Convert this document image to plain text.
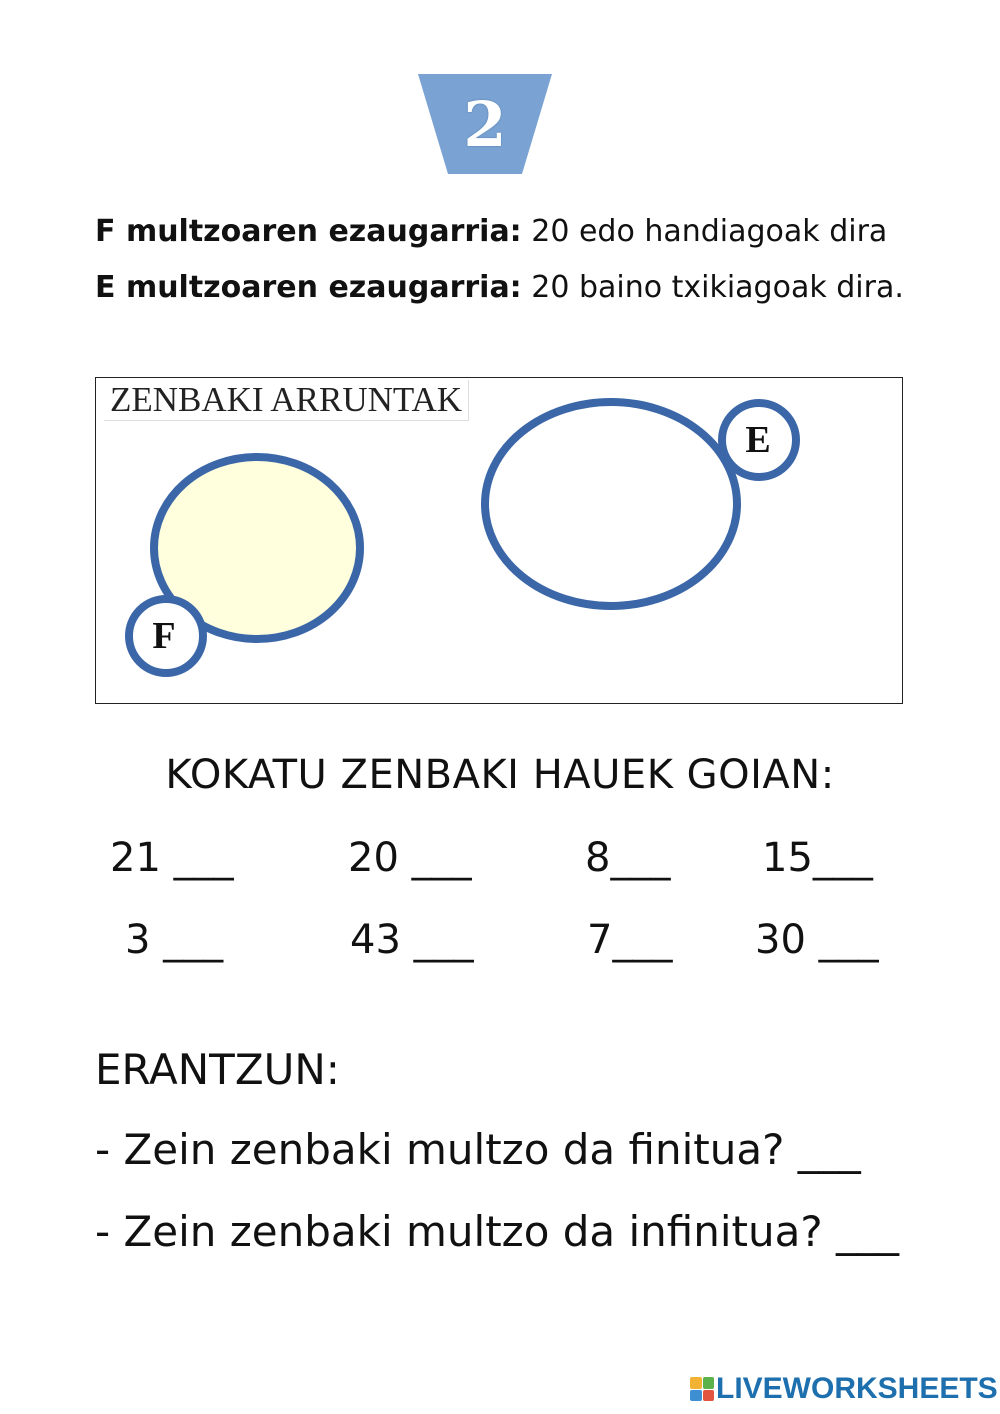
2
F multzoaren ezaugarria: 20 edo handiagoak dira
E multzoaren ezaugarria: 20 baino txikiagoak dira.
ZENBAKI ARRUNTAK
F
E
KOKATU ZENBAKI HAUEK GOIAN:
21 ___	20 ___	8___ 15___
3 ___	43 ___	7___ 30 ___
ERANTZUN:
- Zein zenbaki multzo da finitua? ___
- Zein zenbaki multzo da infinitua? ___
LIVEWORKSHEETS
